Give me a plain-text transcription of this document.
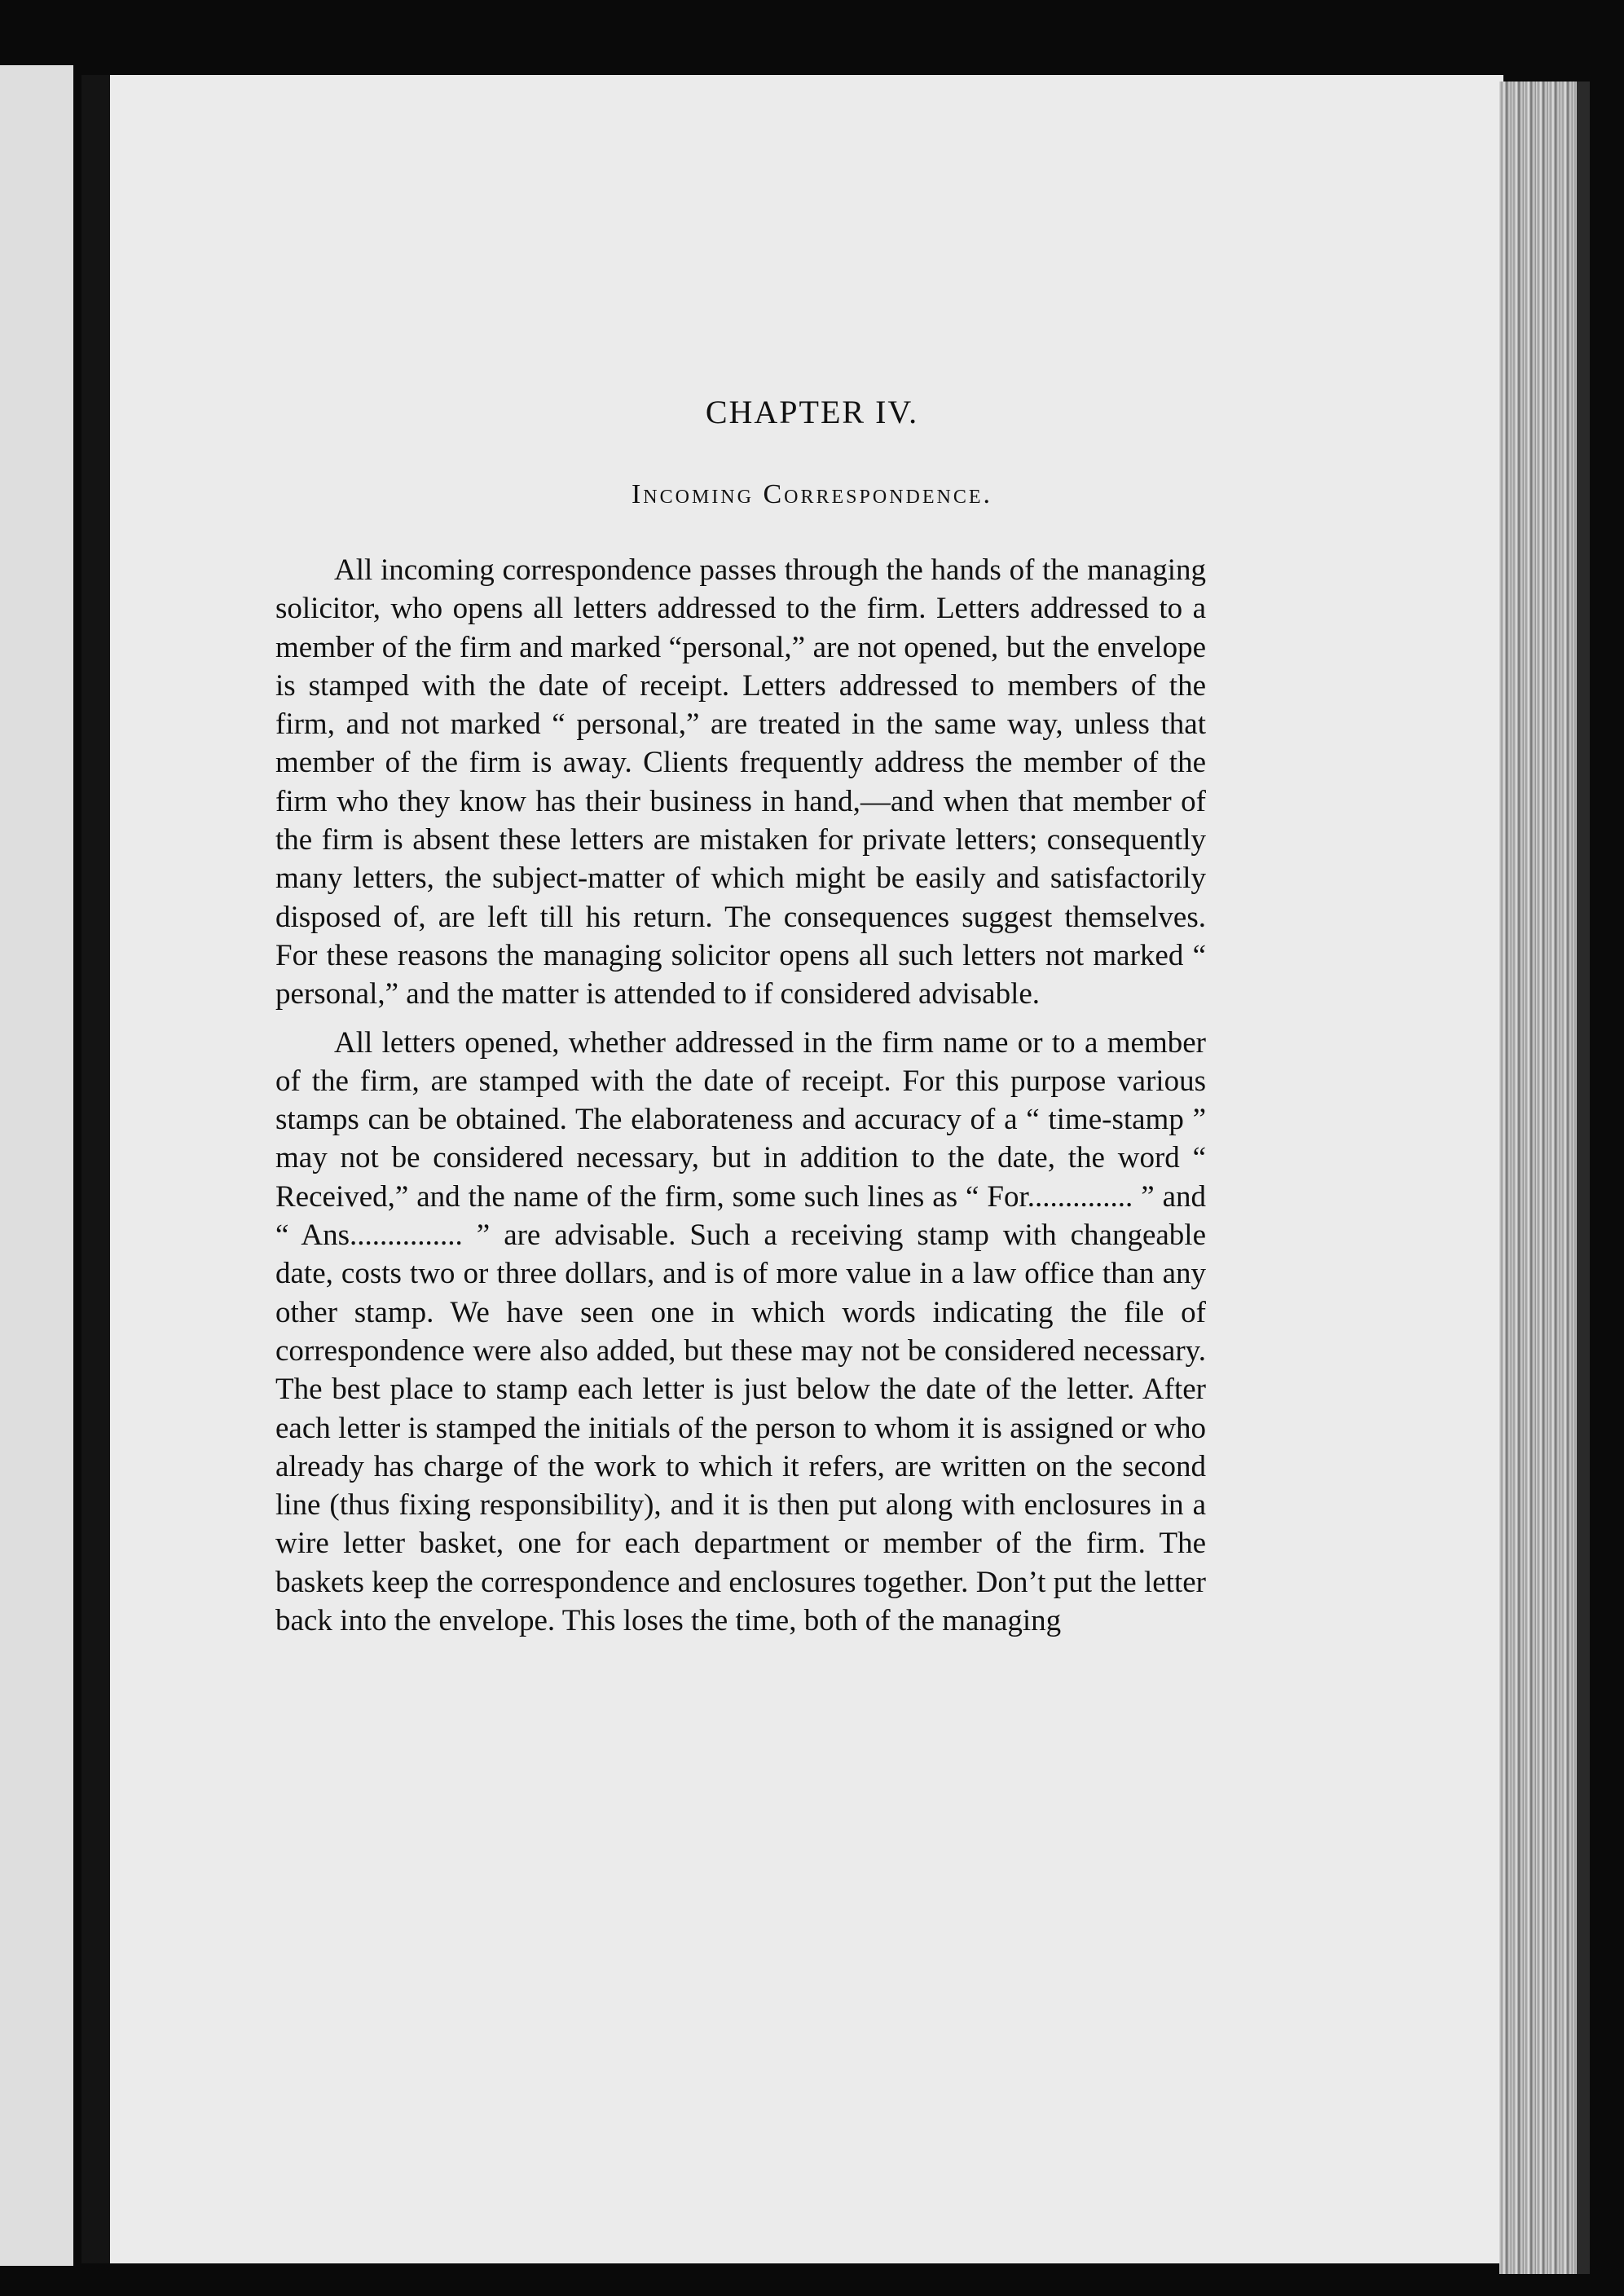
CHAPTER IV.
Incoming Correspondence.

All incoming correspondence passes through the hands of the managing solicitor, who opens all letters addressed to the firm. Letters addressed to a member of the firm and marked “personal,” are not opened, but the envelope is stamped with the date of receipt. Letters addressed to members of the firm, and not marked “ personal,” are treated in the same way, unless that member of the firm is away. Clients frequently address the member of the firm who they know has their business in hand,—and when that member of the firm is absent these letters are mistaken for private letters; consequently many letters, the subject-matter of which might be easily and satisfactorily disposed of, are left till his return. The consequences suggest themselves. For these reasons the managing solicitor opens all such letters not marked “ personal,” and the matter is attended to if considered advisable.

All letters opened, whether addressed in the firm name or to a member of the firm, are stamped with the date of receipt. For this purpose various stamps can be obtained. The elaborateness and accuracy of a “ time-stamp ” may not be considered necessary, but in addition to the date, the word “ Received,” and the name of the firm, some such lines as “ For.............. ” and “ Ans............... ” are advisable. Such a receiving stamp with changeable date, costs two or three dollars, and is of more value in a law office than any other stamp. We have seen one in which words indicating the file of correspondence were also added, but these may not be considered necessary. The best place to stamp each letter is just below the date of the letter. After each letter is stamped the initials of the person to whom it is assigned or who already has charge of the work to which it refers, are written on the second line (thus fixing responsibility), and it is then put along with enclosures in a wire letter basket, one for each department or member of the firm. The baskets keep the correspondence and enclosures together. Don’t put the letter back into the envelope. This loses the time, both of the managing
